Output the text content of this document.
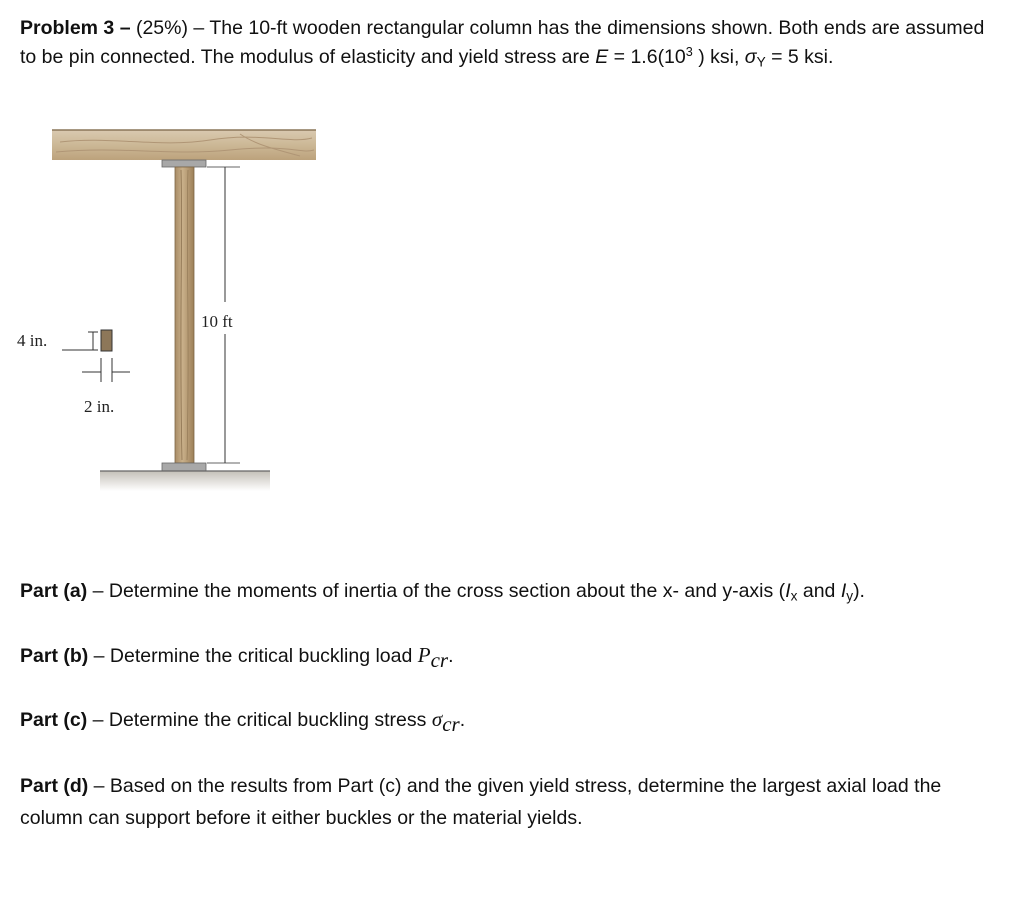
Problem 3 – (25%) – The 10-ft wooden rectangular column has the dimensions shown. Both ends are assumed to be pin connected. The modulus of elasticity and yield stress are $E = 1.6(10^3$ ) ksi, $\sigma_Y = 5$ ksi.

10 ft
4 in.
2 in.

Part (a) – Determine the moments of inertia of the cross section about the x- and y-axis ($I_x$ and $I_y$).

Part (b) – Determine the critical buckling load $P_{cr}$.

Part (c) – Determine the critical buckling stress $\sigma_{cr}$.

Part (d) – Based on the results from Part (c) and the given yield stress, determine the largest axial load the column can support before it either buckles or the material yields.
